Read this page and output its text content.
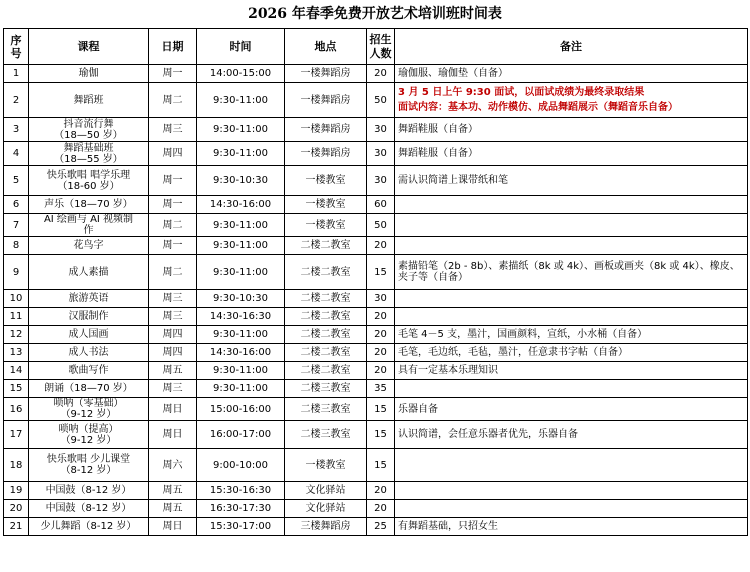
2026 年春季免费开放艺术培训班时间表
序号	课程	日期	时间	地点	招生人数	备注
1	瑜伽	周一	14:00-15:00	一楼舞蹈房	20	瑜伽服、瑜伽垫（自备）
2	舞蹈班	周二	9:30-11:00	一楼舞蹈房	50	3 月 5 日上午 9:30 面试，以面试成绩为最终录取结果
面试内容：基本功、动作模仿、成品舞蹈展示（舞蹈音乐自备）

3	抖音流行舞
（18—50 岁）	周三	9:30-11:00	一楼舞蹈房	30	舞蹈鞋服（自备）
4	舞蹈基础班
（18—55 岁）	周四	9:30-11:00	一楼舞蹈房	30	舞蹈鞋服（自备）
5	快乐歌唱 唱学乐理
（18-60 岁）	周一	9:30-10:30	一楼教室	30	需认识简谱上课带纸和笔
6	声乐（18—70 岁）	周一	14:30-16:00	一楼教室	60	
7	AI 绘画与 AI 视频制
作	周二	9:30-11:00	一楼教室	50	
8	花鸟字	周一	9:30-11:00	二楼二教室	20	
9	成人素描	周二	9:30-11:00	二楼二教室	15	素描铅笔（2b - 8b）、素描纸（8k 或 4k）、画板或画夹（8k 或 4k）、橡皮、夹子等（自备）
10	旅游英语	周三	9:30-10:30	二楼二教室	30	
11	汉服制作	周三	14:30-16:30	二楼二教室	20	
12	成人国画	周四	9:30-11:00	二楼二教室	20	毛笔 4－5 支，墨汁，国画颜料，宣纸，小水桶（自备）
13	成人书法	周四	14:30-16:00	二楼二教室	20	毛笔，毛边纸，毛毡，墨汁，任意隶书字帖（自备）
14	歌曲写作	周五	9:30-11:00	二楼二教室	20	具有一定基本乐理知识
15	朗诵（18—70 岁）	周三	9:30-11:00	二楼三教室	35	
16	唢呐（零基础）
（9-12 岁）	周日	15:00-16:00	二楼三教室	15	乐器自备
17	唢呐（提高）
（9-12 岁）	周日	16:00-17:00	二楼三教室	15	认识简谱，会任意乐器者优先，乐器自备
18	快乐歌唱 少儿课堂
（8-12 岁）	周六	9:00-10:00	一楼教室	15	
19	中国鼓（8-12 岁）	周五	15:30-16:30	文化驿站	20	
20	中国鼓（8-12 岁）	周五	16:30-17:30	文化驿站	20	
21	少儿舞蹈（8-12 岁）	周日	15:30-17:00	三楼舞蹈房	25	有舞蹈基础，只招女生
